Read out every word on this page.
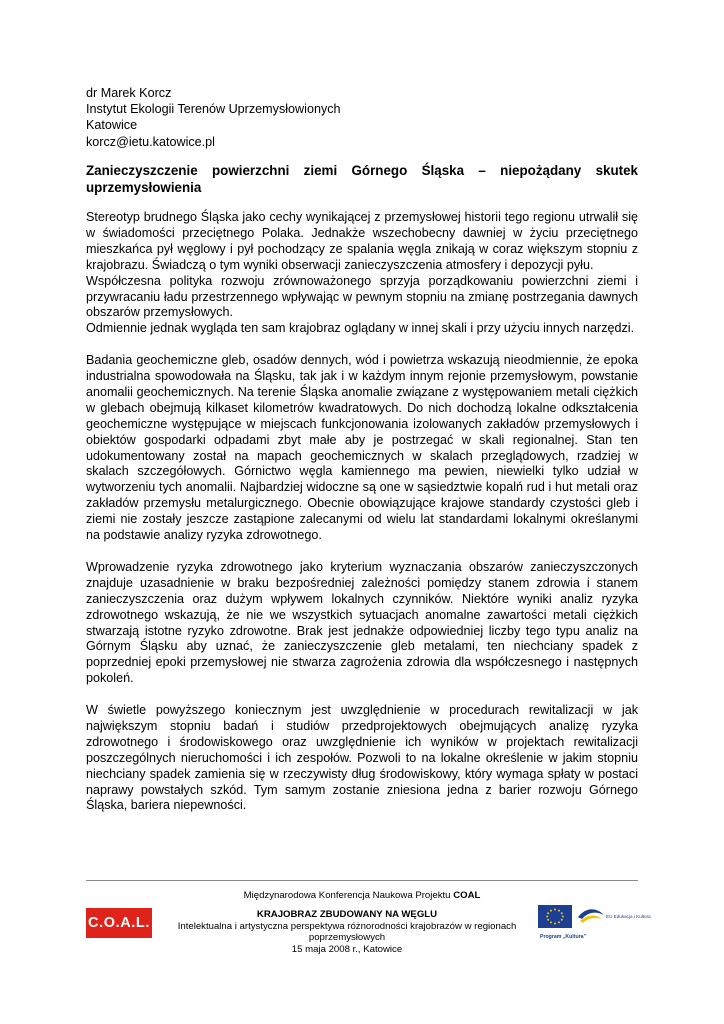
dr Marek Korcz
Instytut Ekologii Terenów Uprzemysłowionych
Katowice
korcz@ietu.katowice.pl
Zanieczyszczenie powierzchni ziemi Górnego Śląska – niepożądany skutek uprzemysłowienia

Stereotyp brudnego Śląska jako cechy wynikającej z przemysłowej historii tego regionu utrwalił się w świadomości przeciętnego Polaka. Jednakże wszechobecny dawniej w życiu przeciętnego mieszkańca pył węglowy i pył pochodzący ze spalania węgla znikają w coraz większym stopniu z krajobrazu. Świadczą o tym wyniki obserwacji zanieczyszczenia atmosfery i depozycji pyłu.

Współczesna polityka rozwoju zrównoważonego sprzyja porządkowaniu powierzchni ziemi i przywracaniu ładu przestrzennego wpływając w pewnym stopniu na zmianę postrzegania dawnych obszarów przemysłowych.

Odmiennie jednak wygląda ten sam krajobraz oglądany w innej skali i przy użyciu innych narzędzi.

Badania geochemiczne gleb, osadów dennych, wód i powietrza wskazują nieodmiennie, że epoka industrialna spowodowała na Śląsku, tak jak i w każdym innym rejonie przemysłowym, powstanie anomalii geochemicznych. Na terenie Śląska anomalie związane z występowaniem metali ciężkich w glebach obejmują kilkaset kilometrów kwadratowych. Do nich dochodzą lokalne odkształcenia geochemiczne występujące w miejscach funkcjonowania izolowanych zakładów przemysłowych i obiektów gospodarki odpadami zbyt małe aby je postrzegać w skali regionalnej. Stan ten udokumentowany został na mapach geochemicznych w skalach przeglądowych, rzadziej w skalach szczegółowych. Górnictwo węgla kamiennego ma pewien, niewielki tylko udział w wytworzeniu tych anomalii. Najbardziej widoczne są one w sąsiedztwie kopalń rud i hut metali oraz zakładów przemysłu metalurgicznego. Obecnie obowiązujące krajowe standardy czystości gleb i ziemi nie zostały jeszcze zastąpione zalecanymi od wielu lat standardami lokalnymi określanymi na podstawie analizy ryzyka zdrowotnego.

Wprowadzenie ryzyka zdrowotnego jako kryterium wyznaczania obszarów zanieczyszczonych znajduje uzasadnienie w braku bezpośredniej zależności pomiędzy stanem zdrowia i stanem zanieczyszczenia oraz dużym wpływem lokalnych czynników. Niektóre wyniki analiz ryzyka zdrowotnego wskazują, że nie we wszystkich sytuacjach anomalne zawartości metali ciężkich stwarzają istotne ryzyko zdrowotne. Brak jest jednakże odpowiedniej liczby tego typu analiz na Górnym Śląsku aby uznać, że zanieczyszczenie gleb metalami, ten niechciany spadek z poprzedniej epoki przemysłowej nie stwarza zagrożenia zdrowia dla współczesnego i następnych pokoleń.

W świetle powyższego koniecznym jest uwzględnienie w procedurach rewitalizacji w jak największym stopniu badań i studiów przedprojektowych obejmujących analizę ryzyka zdrowotnego i środowiskowego oraz uwzględnienie ich wyników w projektach rewitalizacji poszczególnych nieruchomości i ich zespołów. Pozwoli to na lokalne określenie w jakim stopniu niechciany spadek zamienia się w rzeczywisty dług środowiskowy, który wymaga spłaty w postaci naprawy powstałych szkód. Tym samym zostanie zniesiona jedna z barier rozwoju Górnego Śląska, bariera niepewności.

Międzynarodowa Konferencja Naukowa Projektu COAL
C.O.A.L.
KRAJOBRAZ ZBUDOWANY NA WĘGLU
Intelektualna i artystyczna perspektywa różnorodności krajobrazów w regionach poprzemysłowych
15 maja 2008 r., Katowice
EU Edukacja i Kultura
Program „Kultura”
